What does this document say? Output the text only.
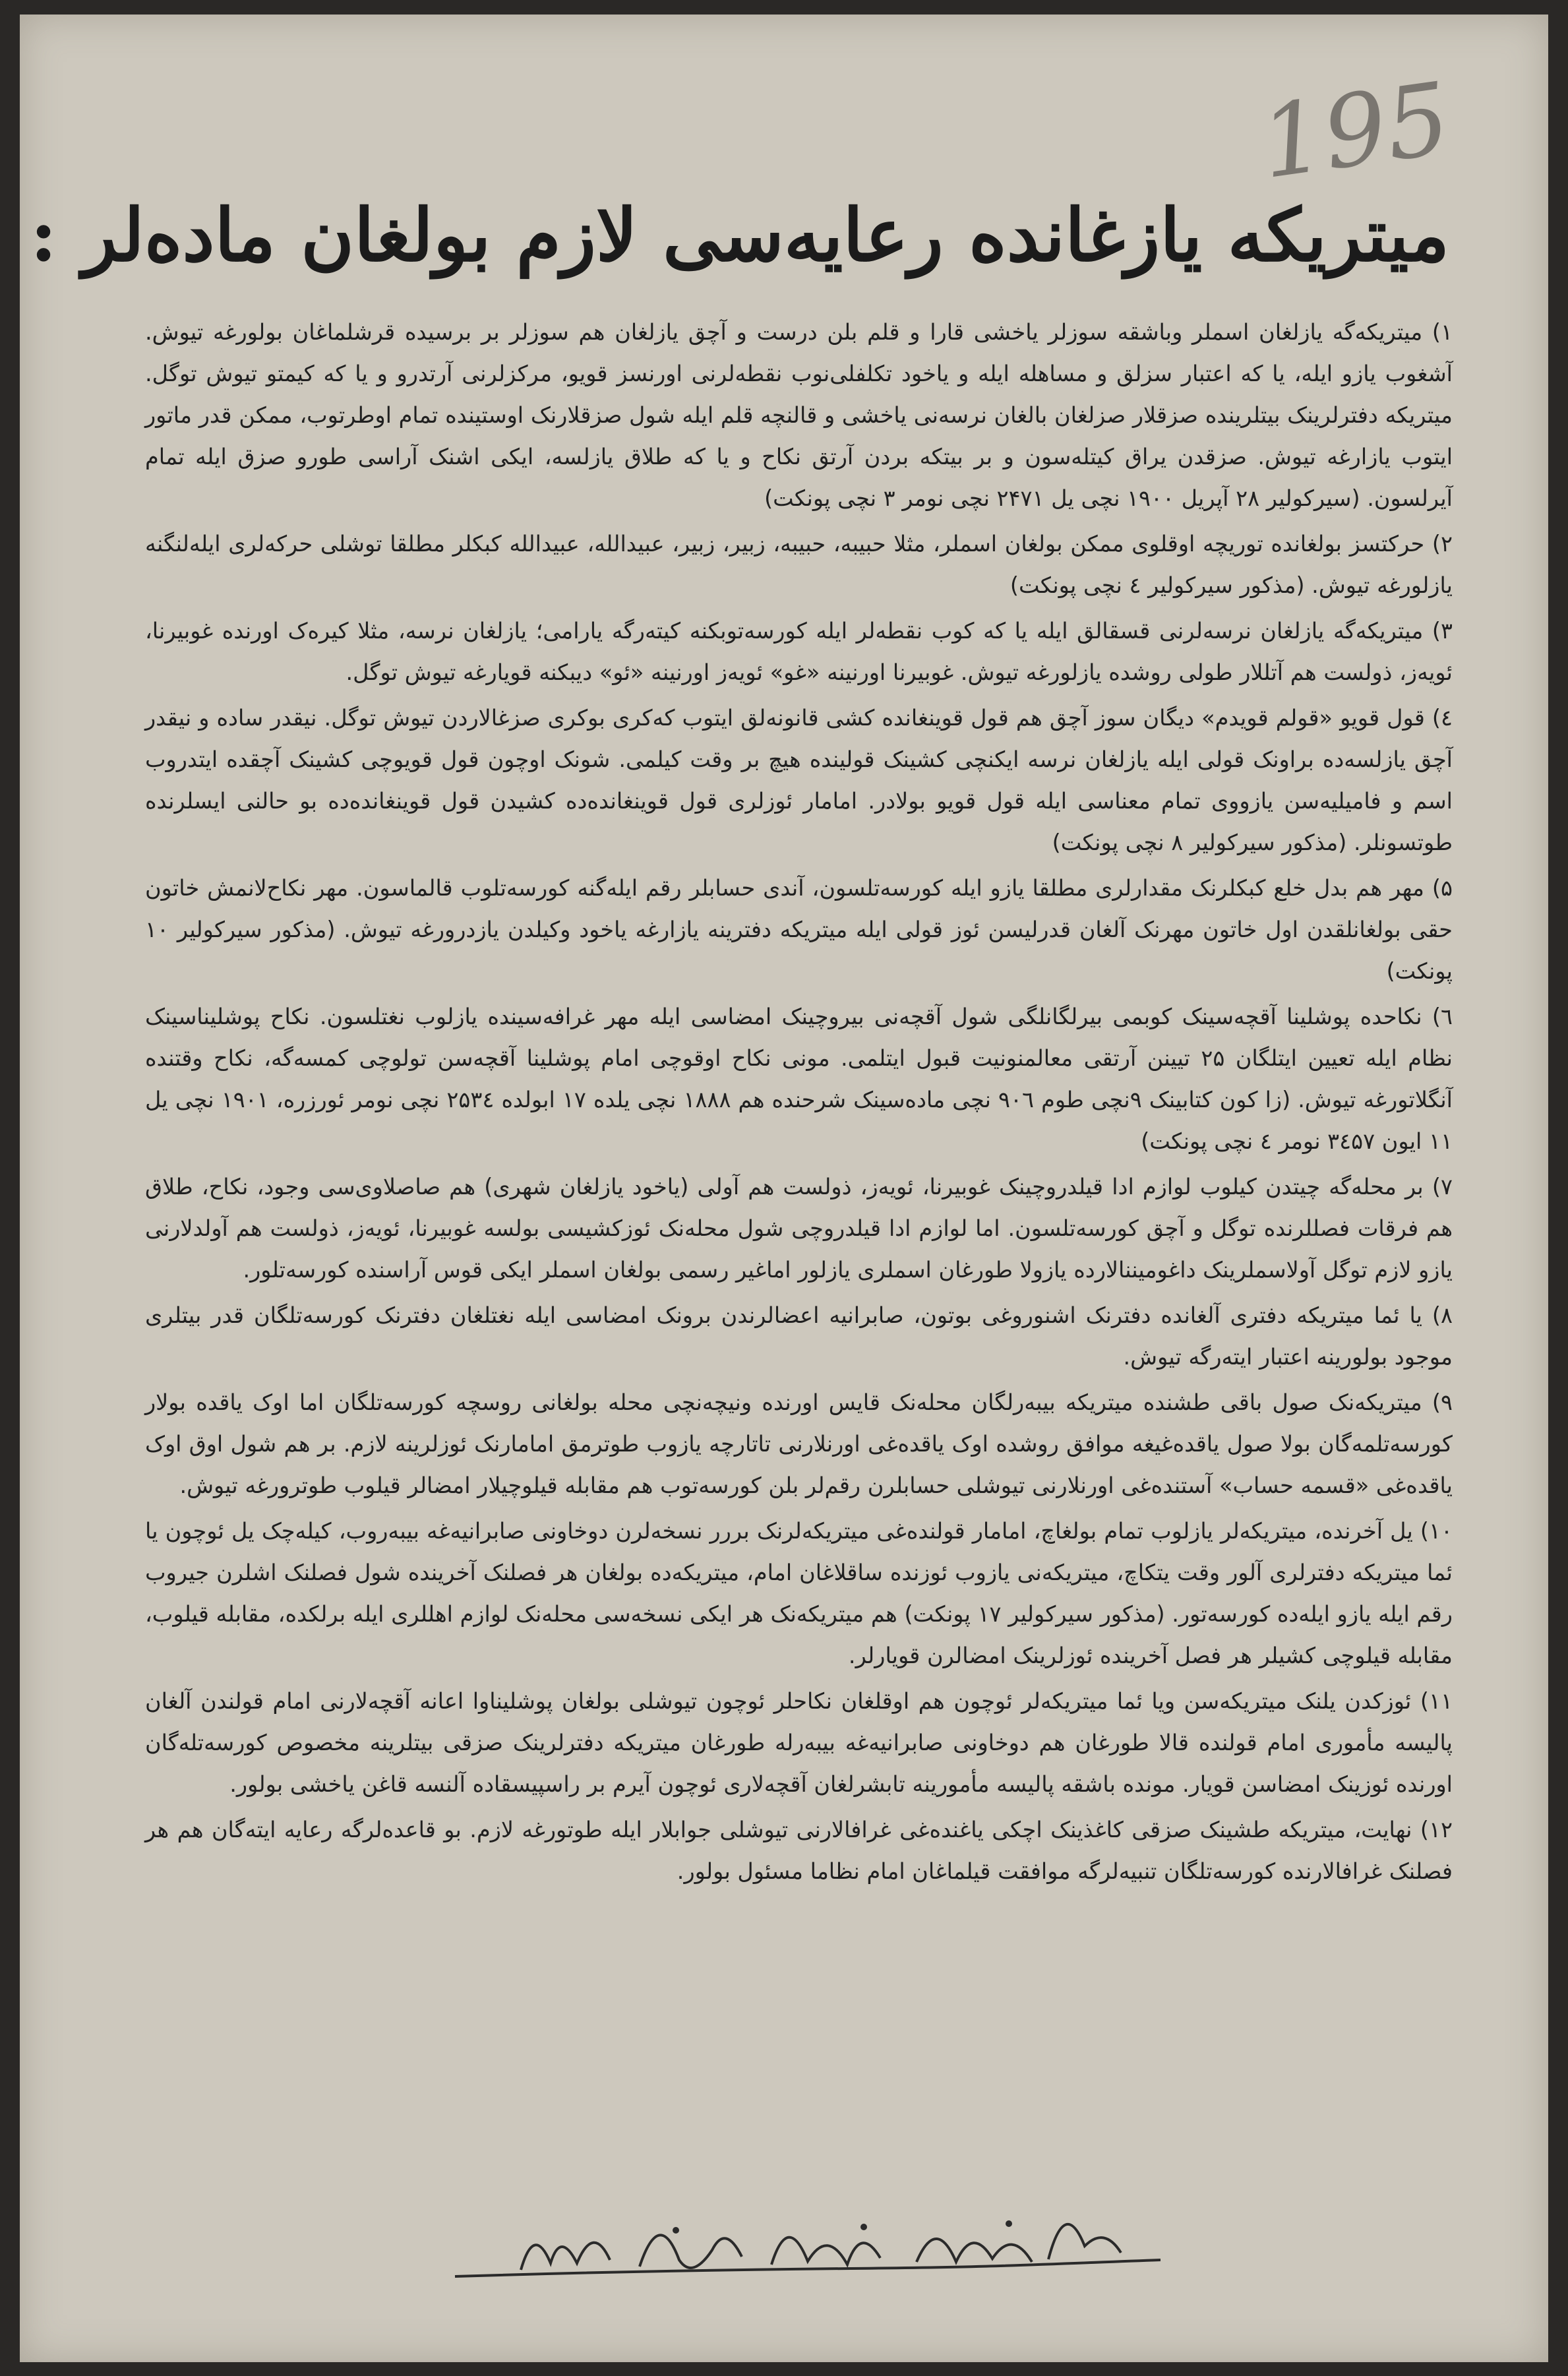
195
میتریکه یازغانده رعایه‌سی لازم بولغان ماده‌لر :

۱) میتریکه‌گه یازلغان اسملر وباشقه سوزلر یاخشی قارا و قلم بلن درست و آچق یازلغان هم سوزلر بر برسیده قرشلماغان بولورغه تیوش. آشغوب یازو ایله، یا که اعتبار سزلق و مساهله ایله و یاخود تکلفلی‌نوب نقطه‌لرنی اورنسز قویو، مرکزلرنی آرتدرو و یا که کیمتو تیوش توگل. میتریکه دفترلرینک بیتلرینده صزقلار صزلغان بالغان نرسه‌نی یاخشی و قالنچه قلم ایله شول صزقلارنک اوستینده تمام اوطرتوب، ممکن قدر ماتور ایتوب یازارغه تیوش. صزقدن یراق کیتله‌سون و بر بیتکه بردن آرتق نکاح و یا که طلاق یازلسه، ایکی اشنک آراسی طورو صزق ایله تمام آیرلسون. (سیرکولیر ۲۸ آپریل ۱۹۰۰ نچی یل ۲۴۷۱ نچی نومر ۳ نچی پونکت)

۲) حرکتسز بولغانده توریچه اوقلوی ممکن بولغان اسملر، مثلا حبیبه، حبیبه، زبیر، زبیر، عبیدالله، عبیدالله کبکلر مطلقا توشلی حرکه‌لری ایله‌لنگنه یازلورغه تیوش. (مذکور سیرکولیر ٤ نچی پونکت)

۳) میتریکه‌گه یازلغان نرسه‌لرنی قسقالق ایله یا که کوب نقطه‌لر ایله کورسه‌توبکنه کیته‌رگه یارامی؛ یازلغان نرسه، مثلا کیره‌ک اورنده غوبیرنا، ئویه‌ز، ذولست هم آتللار طولی روشده یازلورغه تیوش. غوبیرنا اورنینه «غو» ئویه‌ز اورنینه «ئو» دیبکنه قویارغه تیوش توگل.

٤) قول قویو «قولم قویدم» دیگان سوز آچق هم قول قوینغانده کشی قانونه‌لق ایتوب که‌کری بوکری صزغالاردن تیوش توگل. نیقدر ساده و نیقدر آچق یازلسه‌ده براونک قولی ایله یازلغان نرسه ایکنچی کشینک قولینده هیچ بر وقت کیلمی. شونک اوچون قول قویوچی کشینک آچقده ایتدروب اسم و فامیلیه‌سن یازووی تمام معناسی ایله قول قویو بولادر. امامار ئوزلری قول قوینغانده‌ده کشیدن قول قوینغانده‌ده بو حالنی ایسلرنده طوتسونلر. (مذکور سیرکولیر ۸ نچی پونکت)

۵) مهر هم بدل خلع کبکلرنک مقدارلری مطلقا یازو ایله کورسه‌تلسون، آندی حسابلر رقم ایله‌گنه کورسه‌تلوب قالماسون. مهر نکاح‌لانمش خاتون حقی بولغانلقدن اول خاتون مهرنک آلغان قدرلیسن ئوز قولی ایله میتریکه دفترینه یازارغه یاخود وکیلدن یازدرورغه تیوش. (مذکور سیرکولیر ۱۰ پونکت)

٦) نکاحده پوشلینا آقچه‌سینک کوبمی بیرلگانلگی شول آقچه‌نی بیروچینک امضاسی ایله مهر غرافه‌سینده یازلوب نغتلسون. نکاح پوشلیناسینک نظام ایله تعیین ایتلگان ۲۵ تیینن آرتقی معالمنونیت قبول ایتلمی. مونی نکاح اوقوچی امام پوشلینا آقچه‌سن تولوچی کمسه‌گه، نکاح وقتنده آنگلاتورغه تیوش. (زا کون کتابینک ۹نچی طوم ۹۰٦ نچی ماده‌سینک شرحنده هم ۱۸۸۸ نچی یلده ۱۷ ابولده ۲۵۳٤ نچی نومر ئورزره، ۱۹۰۱ نچی یل ۱۱ ایون ۳٤۵۷ نومر ٤ نچی پونکت)

۷) بر محله‌گه چیتدن کیلوب لوازم ادا قیلدروچینک غوبیرنا، ئویه‌ز، ذولست هم آولی (یاخود یازلغان شهری) هم صاصلاوی‌سی وجود، نکاح، طلاق هم فرقات فصللرنده توگل و آچق کورسه‌تلسون. اما لوازم ادا قیلدروچی شول محله‌نک ئوزکشیسی بولسه غوبیرنا، ئویه‌ز، ذولست هم آولدلارنی یازو لازم توگل آولاسملرینک داغومیننالارده یازولا طورغان اسملری یازلور اماغیر رسمی بولغان اسملر ایکی قوس آراسنده کورسه‌تلور.

۸) یا ئما میتریکه دفتری آلغانده دفترنک اشنوروغی بوتون، صابرانیه اعضالرندن برونک امضاسی ایله نغتلغان دفترنک کورسه‌تلگان قدر بیتلری موجود بولورینه اعتبار ایته‌رگه تیوش.

۹) میتریکه‌نک صول باقی طشنده میتریکه بیبه‌رلگان محله‌نک قایس اورنده ونیچه‌نچی محله بولغانی روسچه کورسه‌تلگان اما اوک یاقده بولار کورسه‌تلمه‌گان بولا صول یاقده‌غیغه موافق روشده اوک یاقده‌غی اورنلارنی تاتارچه یازوب طوترمق امامارنک ئوزلرینه لازم. بر هم شول اوق اوک یاقده‌غی «قسمه حساب» آستنده‌غی اورنلارنی تیوشلی حسابلرن رقم‌لر بلن کورسه‌توب هم مقابله قیلوچیلار امضالر قیلوب طوترورغه تیوش.

۱۰) یل آخرنده، میتریکه‌لر یازلوب تمام بولغاچ، امامار قولنده‌غی میتریکه‌لرنک بررر نسخه‌لرن دوخاونی صابرانیه‌غه بیبه‌روب، کیله‌چک یل ئوچون یا ئما میتریکه دفترلری آلور وقت یتکاچ، میتریکه‌نی یازوب ئوزنده ساقلاغان امام، میتریکه‌ده بولغان هر فصلنک آخرینده شول فصلنک اشلرن جیروب رقم ایله یازو ایله‌ده کورسه‌تور. (مذکور سیرکولیر ۱۷ پونکت) هم میتریکه‌نک هر ایکی نسخه‌سی محله‌نک لوازم اهللری ایله برلکده، مقابله قیلوب، مقابله قیلوچی کشیلر هر فصل آخرینده ئوزلرینک امضالرن قویارلر.

۱۱) ئوزکدن یلنک میتریکه‌سن ویا ئما میتریکه‌لر ئوچون هم اوقلغان نکاحلر ئوچون تیوشلی بولغان پوشلیناوا اعانه آقچه‌لارنی امام قولندن آلغان پالیسه مأموری امام قولنده قالا طورغان هم دوخاونی صابرانیه‌غه بیبه‌رله طورغان میتریکه دفترلرینک صزقی بیتلرینه مخصوص کورسه‌تله‌گان اورنده ئوزینک امضاسن قویار. مونده باشقه پالیسه مأمورینه تابشرلغان آقچه‌لاری ئوچون آیرم بر راسپیسقاده آلنسه قاغن یاخشی بولور.

۱۲) نهایت، میتریکه طشینک صزقی کاغذینک اچکی یاغنده‌غی غرافالارنی تیوشلی جوابلار ایله طوتورغه لازم. بو قاعده‌لرگه رعایه ایته‌گان هم هر فصلنک غرافالارنده کورسه‌تلگان تنبیه‌لرگه موافقت قیلماغان امام نظاما مسئول بولور.
